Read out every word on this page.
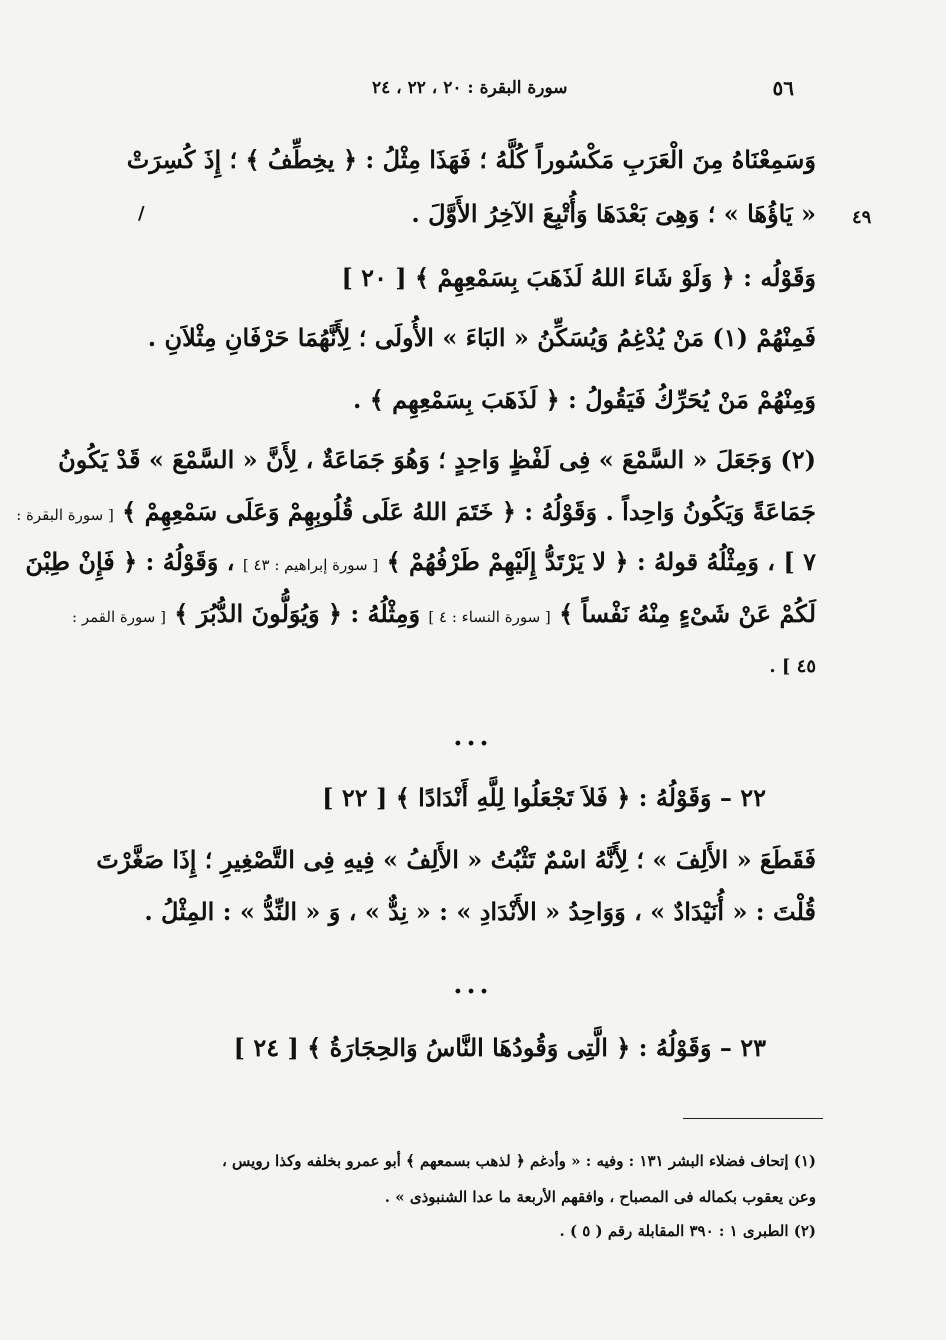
٥٦
سورة البقرة : ٢٠ ، ٢٢ ، ٢٤
٤٩
/
وَسَمِعْنَاهُ مِنَ الْعَرَبِ مَكْسُوراً كُلَّهُ ؛ فَهَذَا مِثْلُ : ﴿ يخِطِّفُ ﴾ ؛ إِذَ كُسِرَتْ
« يَاؤُهَا » ؛ وَهِىَ بَعْدَهَا وَأُتْبِعَ الآخِرُ الأَوَّلَ .
وَقَوْلُه : ﴿ وَلَوْ شَاءَ اللهُ لَذَهَبَ بِسَمْعِهِمْ ﴾ [ ٢٠ ]
فَمِنْهُمْ (١) مَنْ يُدْغِمُ وَيُسَكِّنُ « البَاءَ » الأُولَى ؛ لِأَنَّهُمَا حَرْفَانِ مِثْلاَنِ .
وَمِنْهُمْ مَنْ يُحَرِّكُ فَيَقُولُ : ﴿ لَذَهَبَ بِسَمْعِهِم ﴾ .
(٢) وَجَعَلَ « السَّمْعَ » فِى لَفْظٍ وَاحِدٍ ؛ وَهُوَ جَمَاعَةٌ ، لِأَنَّ « السَّمْعَ » قَدْ يَكُونُ
جَمَاعَةً وَيَكُونُ وَاحِداً . وَقَوْلُهُ : ﴿ خَتَمَ اللهُ عَلَى قُلُوبِهِمْ وَعَلَى سَمْعِهِمْ ﴾ [ سورة البقرة :
٧ ] ، وَمِثْلُهُ قولهُ : ﴿ لا يَرْتَدُّ إِلَيْهِمْ طَرْفُهُمْ ﴾ [ سورة إبراهيم : ٤٣ ] ، وَقَوْلُهُ : ﴿ فَإِنْ طِبْنَ
لَكُمْ عَنْ شَىْءٍ مِنْهُ نَفْساً ﴾ [ سورة النساء : ٤ ] وَمِثْلُهُ : ﴿ وَيُوَلُّونَ الدُّبُرَ ﴾ [ سورة القمر :
٤٥ ] .
...
٢٢ – وَقَوْلُهُ : ﴿ فَلاَ تَجْعَلُوا لِلَّهِ أَنْدَادًا ﴾ [ ٢٢ ]
فَقَطَعَ « الأَلِفَ » ؛ لِأَنَّهُ اسْمٌ تَثْبُتُ « الأَلِفُ » فِيهِ فِى التَّصْغِيرِ ؛ إِذَا صَغَّرْتَ
قُلْتَ : « أُنَيْدَادٌ » ، وَوَاحِدُ « الأَنْدَادِ » : « نِدٌّ » ، وَ « النِّدُّ » : المِثْلُ .
...
٢٣ – وَقَوْلُهُ : ﴿ الَّتِى وَقُودُهَا النَّاسُ وَالحِجَارَةُ ﴾ [ ٢٤ ]
(١) إتحاف فضلاء البشر ١٣١ : وفيه : « وأدغم ﴿ لذهب بسمعهم ﴾ أبو عمرو بخلفه وكذا رويس ،
وعن يعقوب بكماله فى المصباح ، وافقهم الأربعة ما عدا الشنبوذى » .
(٢) الطبرى ١ : ٣٩٠ المقابلة رقم ( ٥ ) .
